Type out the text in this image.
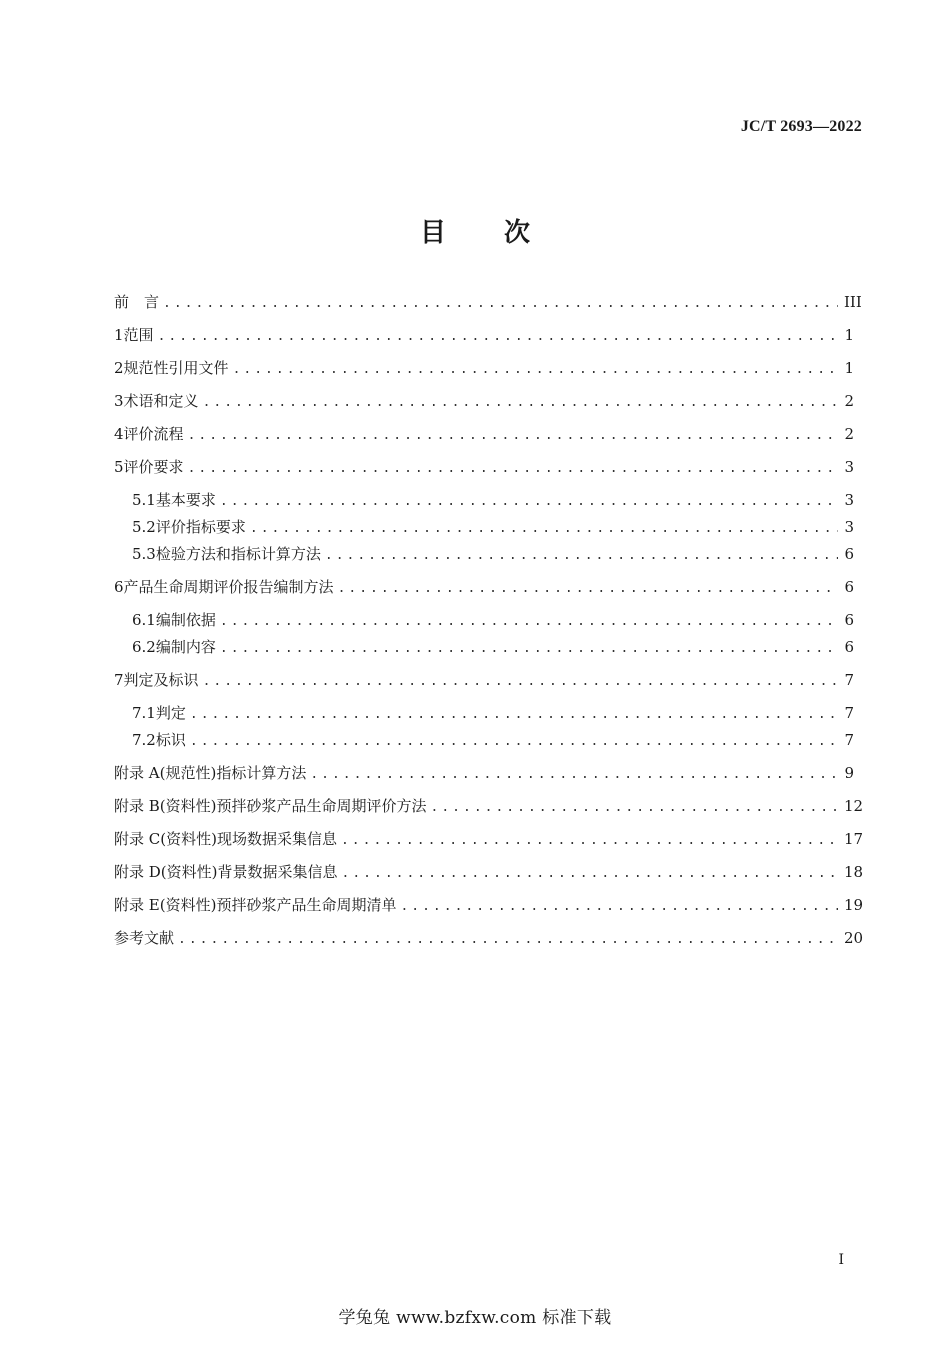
JC/T 2693—2022
目次
前　言 .....	III
1 范围 .....	1
2 规范性引用文件 .....	1
3 术语和定义 .....	2
4 评价流程 .....	2
5 评价要求 .....	3
5.1 基本要求 .....	3
5.2 评价指标要求 .....	3
5.3 检验方法和指标计算方法 .....	6
6 产品生命周期评价报告编制方法 .....	6
6.1 编制依据 .....	6
6.2 编制内容 .....	6
7 判定及标识 .....	7
7.1 判定 .....	7
7.2 标识 .....	7
附录 A(规范性) 指标计算方法 .....	9
附录 B(资料性) 预拌砂浆产品生命周期评价方法 .....	12
附录 C(资料性) 现场数据采集信息 .....	17
附录 D(资料性) 背景数据采集信息 .....	18
附录 E(资料性) 预拌砂浆产品生命周期清单 .....	19
参考文献 .....	20
I
学兔兔 www.bzfxw.com 标准下载
